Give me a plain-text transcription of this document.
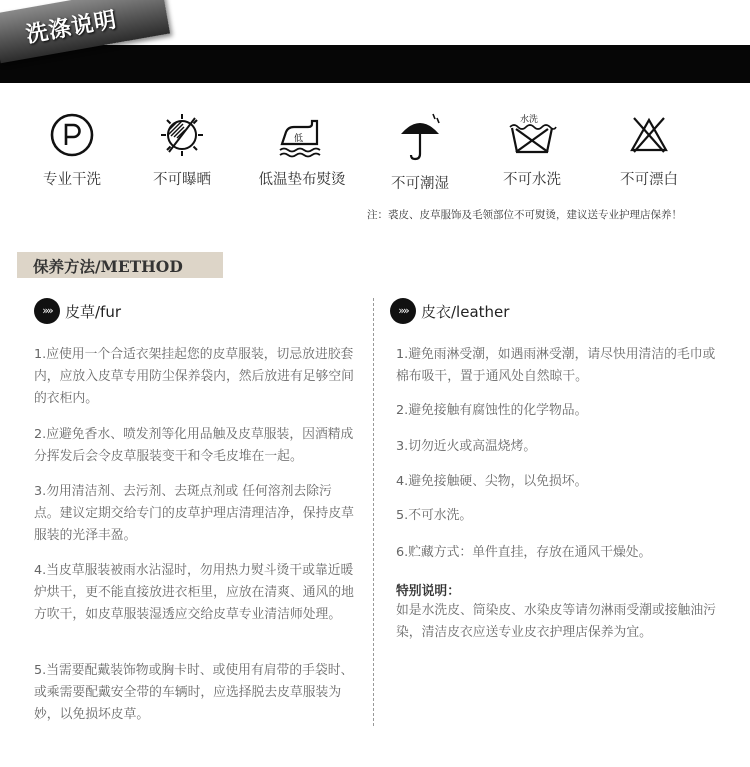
洗涤说明
专业干洗	不可曝晒
低
低温垫布熨烫	不可潮湿
水洗
不可水洗	不可漂白
注：裘皮、皮草服饰及毛领部位不可熨烫，建议送专业护理店保养！
保养方法/METHOD
»» 皮草/fur

1.应使用一个合适衣架挂起您的皮草服装，切忌放进胶套内，应放入皮草专用防尘保养袋内，然后放进有足够空间的衣柜内。

2.应避免香水、喷发剂等化用品触及皮草服装，因酒精成分挥发后会令皮草服装变干和令毛皮堆在一起。

3.勿用清洁剂、去污剂、去斑点剂或 任何溶剂去除污点。建议定期交给专门的皮草护理店清理洁净，保持皮草服装的光泽丰盈。

4.当皮草服装被雨水沾湿时，勿用热力熨斗烫干或靠近暖炉烘干，更不能直接放进衣柜里，应放在清爽、通风的地方吹干，如皮草服装湿透应交给皮草专业清洁师处理。

5.当需要配戴装饰物或胸卡时、或使用有肩带的手袋时、或乘需要配戴安全带的车辆时，应选择脱去皮草服装为妙，以免损坏皮草。

»» 皮衣/leather

1.避免雨淋受潮，如遇雨淋受潮，请尽快用清洁的毛巾或棉布吸干，置于通风处自然晾干。

2.避免接触有腐蚀性的化学物品。

3.切勿近火或高温烧烤。

4.避免接触硬、尖物，以免损坏。

5.不可水洗。

6.贮藏方式：单件直挂，存放在通风干燥处。

特别说明：

如是水洗皮、筒染皮、水染皮等请勿淋雨受潮或接触油污染，清洁皮衣应送专业皮衣护理店保养为宜。
